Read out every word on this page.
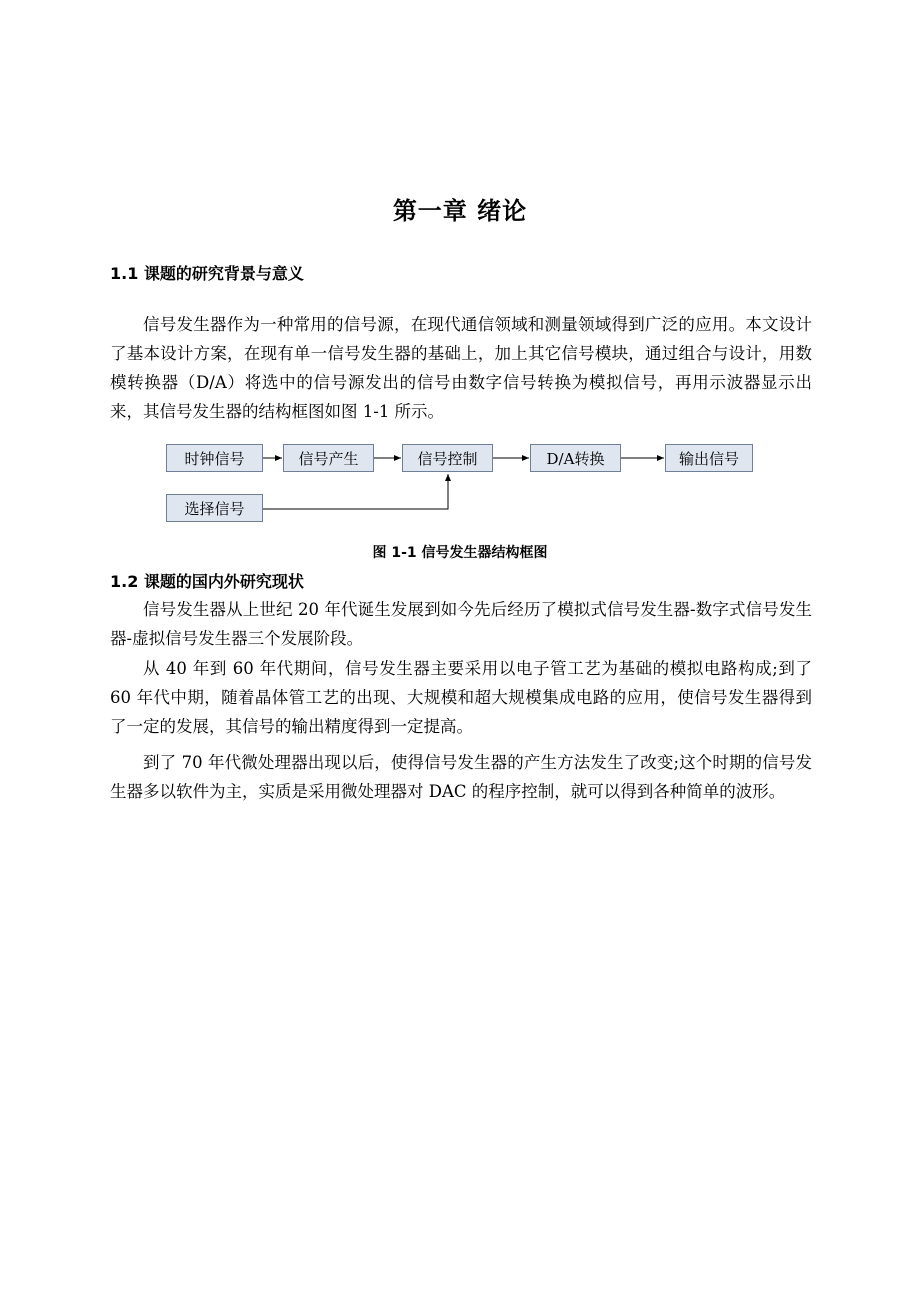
第一章 绪论
1.1 课题的研究背景与意义

信号发生器作为一种常用的信号源，在现代通信领域和测量领域得到广泛的应用。本文设计了基本设计方案，在现有单一信号发生器的基础上，加上其它信号模块，通过组合与设计，用数模转换器（D/A）将选中的信号源发出的信号由数字信号转换为模拟信号，再用示波器显示出来，其信号发生器的结构框图如图 1-1 所示。

时钟信号	信号产生	信号控制	D/A转换	输出信号
选择信号

图 1-1 信号发生器结构框图

1.2 课题的国内外研究现状

信号发生器从上世纪 20 年代诞生发展到如今先后经历了模拟式信号发生器-数字式信号发生器-虚拟信号发生器三个发展阶段。

从 40 年到 60 年代期间，信号发生器主要采用以电子管工艺为基础的模拟电路构成;到了 60 年代中期，随着晶体管工艺的出现、大规模和超大规模集成电路的应用，使信号发生器得到了一定的发展，其信号的输出精度得到一定提高。

到了 70 年代微处理器出现以后，使得信号发生器的产生方法发生了改变;这个时期的信号发生器多以软件为主，实质是采用微处理器对 DAC 的程序控制，就可以得到各种简单的波形。
